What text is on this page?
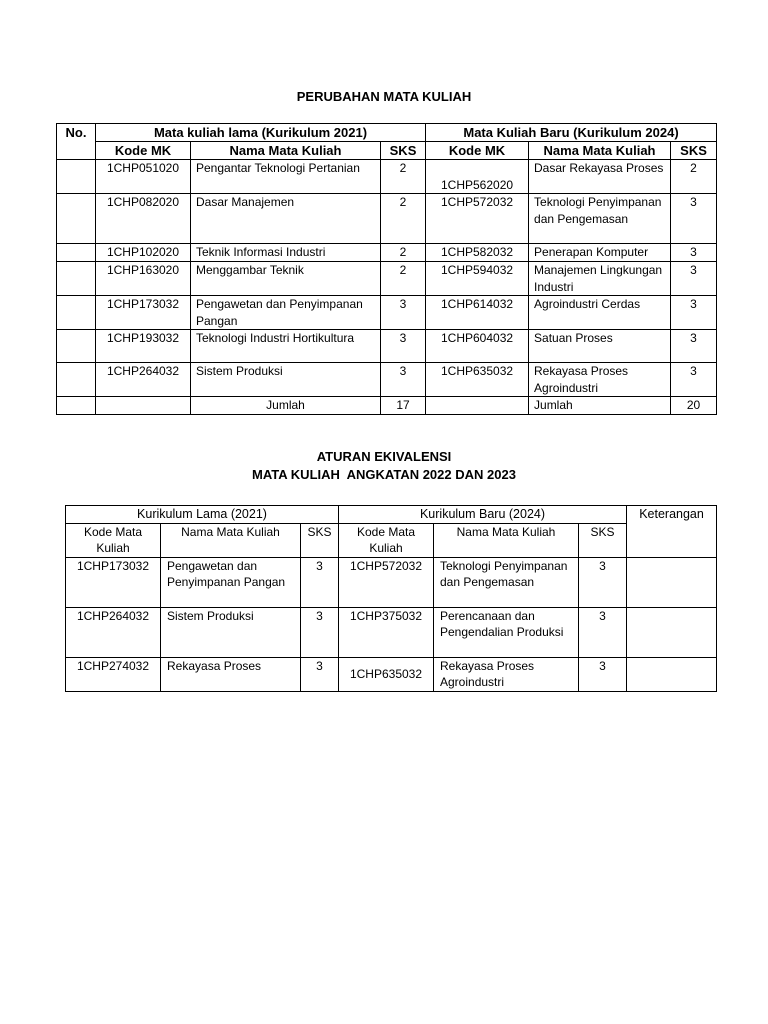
PERUBAHAN MATA KULIAH
No.	Mata kuliah lama (Kurikulum 2021)			Mata Kuliah Baru (Kurikulum 2024)		
	Kode MK	Nama Mata Kuliah	SKS	Kode MK	Nama Mata Kuliah	SKS
	1CHP051020	Pengantar Teknologi Pertanian	2	1CHP562020	Dasar Rekayasa Proses	2
	1CHP082020	Dasar Manajemen	2	1CHP572032	Teknologi Penyimpanan dan Pengemasan	3
	1CHP102020	Teknik Informasi Industri	2	1CHP582032	Penerapan Komputer	3
	1CHP163020	Menggambar Teknik	2	1CHP594032	Manajemen Lingkungan Industri	3
	1CHP173032	Pengawetan dan Penyimpanan Pangan	3	1CHP614032	Agroindustri Cerdas	3
	1CHP193032	Teknologi Industri Hortikultura	3	1CHP604032	Satuan Proses	3
	1CHP264032	Sistem Produksi	3	1CHP635032	Rekayasa Proses Agroindustri	3
		Jumlah	17		Jumlah	20
ATURAN EKIVALENSI
MATA KULIAH  ANGKATAN 2022 DAN 2023
Kurikulum Lama (2021)			Kurikulum Baru (2024)			Keterangan
Kode Mata Kuliah	Nama Mata Kuliah	SKS	Kode Mata Kuliah	Nama Mata Kuliah	SKS	
1CHP173032	Pengawetan dan Penyimpanan Pangan	3	1CHP572032	Teknologi Penyimpanan dan Pengemasan	3	
1CHP264032	Sistem Produksi	3	1CHP375032	Perencanaan dan Pengendalian Produksi	3	
1CHP274032	Rekayasa Proses	3	1CHP635032	Rekayasa Proses Agroindustri	3	
